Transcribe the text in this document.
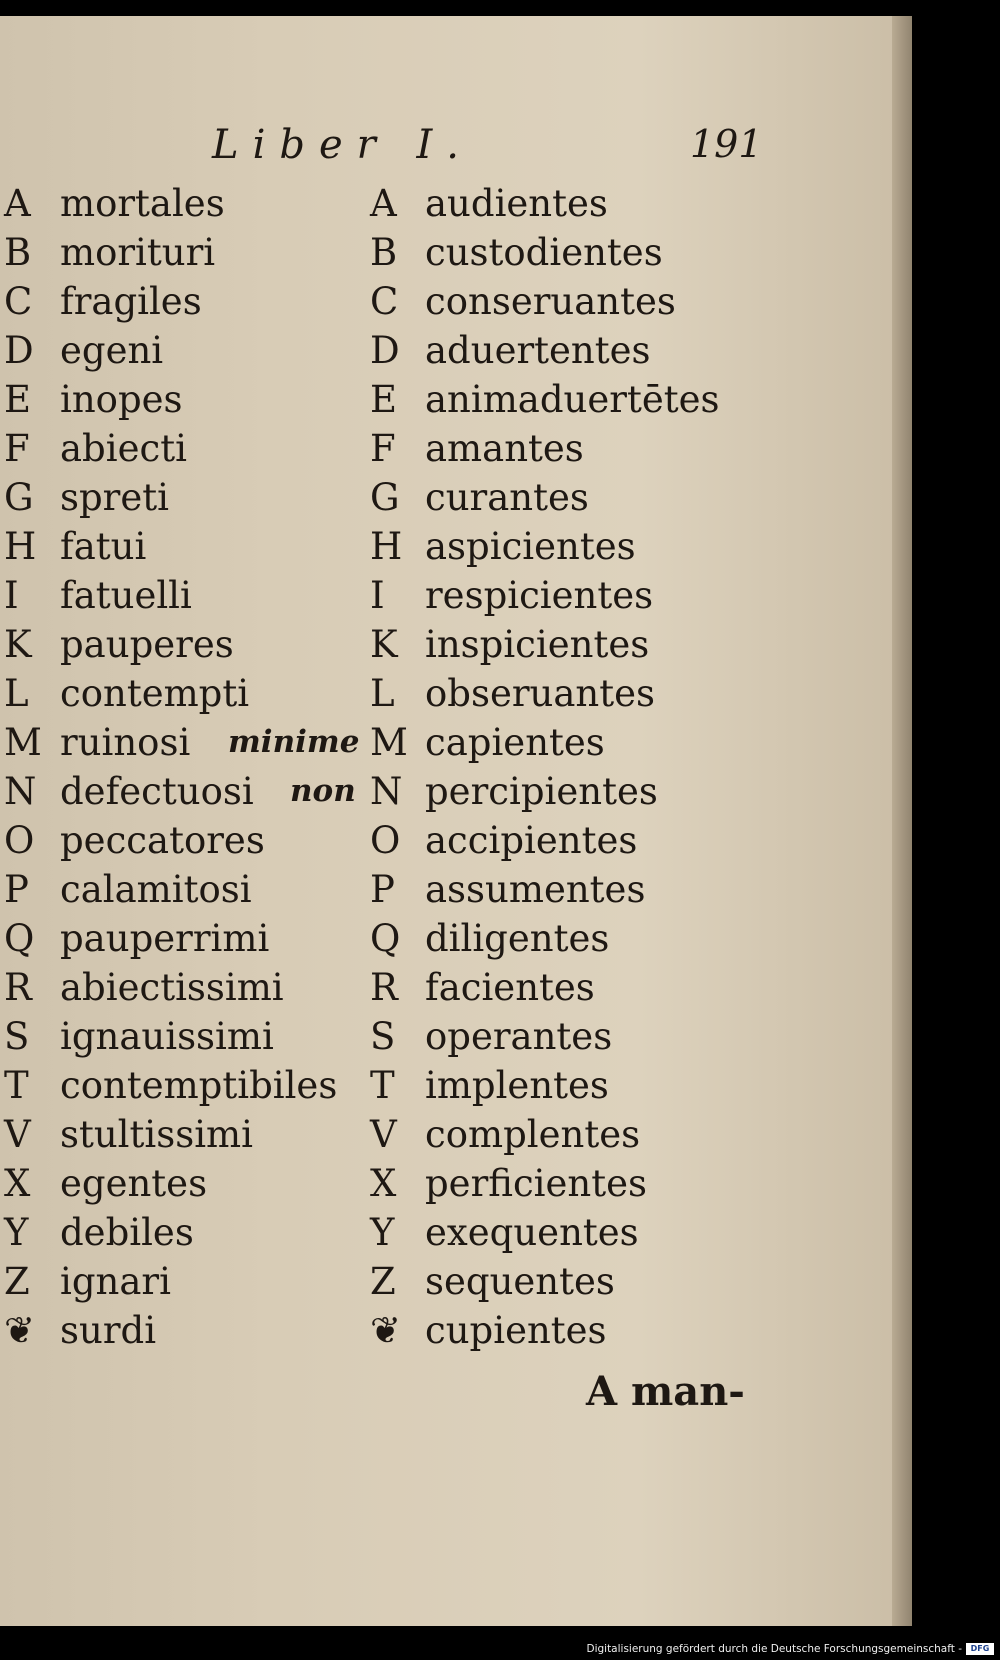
Liber I.	191
A mortales	A audientes
B morituri	B custodientes
C fragiles	C conseruantes
D egeni	D aduertentes
E inopes	E animaduertētes
F abiecti	F amantes
G spreti	G curantes
H fatui	H aspicientes
I	fatuelli	I	respicientes
K pauperes	K inspicientes
L contempti	L obseruantes
M ruinosi minime M capientes
N defectuosi non N percipientes
O peccatores	O accipientes
P calamitosi	P assumentes
Q pauperrimi	Q diligentes
R abiectissimi R facientes
S ignauissimi	S operantes
T contemptibiles T implentes
V stultissimi	V complentes
X egentes	X perficientes
Y debiles	Y exequentes
Z ignari	Z sequentes
❦ surdi	❦ cupientes
A man-
Digitalisierung gefördert durch die Deutsche Forschungsgemeinschaft -	DFG
